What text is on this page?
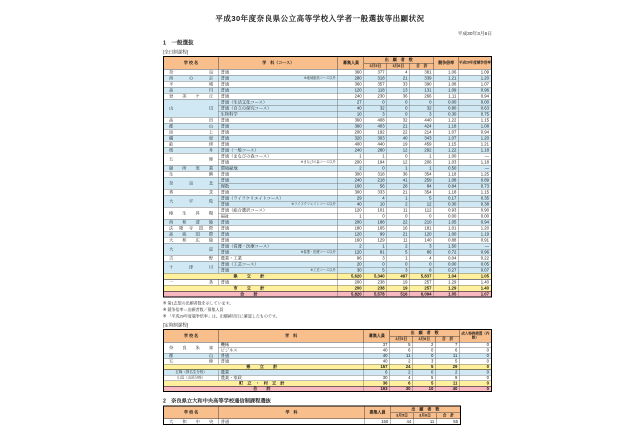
平成30年度奈良県公立高等学校入学者一般選抜等出願状況
平成30年3月6日
1　一般選抜
[全日制課程]
学 校 名	学　科（コース）	募集人員	出　願　者　数			競争倍率	平成29年度競争倍率
			3月5日	3月6日	合　計		
奈良	普通	360	377	4	381	1.06	1.09
西の京	※地域創造コース以外
普通	280	318	21	339	1.21	1.20
平城	普通	360	357	33	390	1.08	1.07
高円	普通	120	118	13	131	1.09	0.96
登美ケ丘	普通	240	230	36	266	1.11	0.94
山辺	普通（生活文化コース）	27	0	0	0	0.00	0.00
	普通（自立の探究コース）	40	32	0	32	0.80	0.63
	生物科学	10	3	0	3	0.30	0.75
高田	普通	360	408	32	440	1.22	1.15
郡山	普通	360	403	21	424	1.18	1.08
添上	普通	200	192	22	214	1.07	0.94
橿原	普通	320	303	40	343	1.07	1.20
畝傍	普通	400	440	19	459	1.15	1.21
桜井	普通（一般コース）	240	280	12	292	1.22	1.18
五條	普通（まなびの森コース）	1	1	0	1	1.00	―

	※まなびの森コース以外
普通	200	194	12	206	1.03	1.18
御所実業	環境緑地	2	0	1	1	0.50	―
生駒	普通	300	318	36	354	1.18	1.25
奈良北	普通	240	218	41	259	1.08	0.89
	理数	100	56	28	84	0.84	0.73
香芝	普通	300	333	21	354	1.18	1.15
大宇陀	普通（ライフクリエイトコース）	29	4	1	5	0.17	0.35

	※ライフクリエイトコース以外
普通	40	10	2	12	0.30	0.38
榛生昇陽	普通（総合選択コース）	120	101	11	112	0.93	0.90
	福祉	1	0	0	0	0.00	0.00
西和清陵	普通	200	188	22	210	1.05	0.94
法隆寺国際	普通	180	165	16	181	1.01	1.20
高取国際	普通	120	99	21	120	1.00	1.19
大和広陵	普通	160	129	11	140	0.88	0.91
大淀	普通（看護・医療コース）	2	1	2	3	1.50	―

	※看護・医療コース以外
普通	120	81	5	86	0.72	0.96
吉野	農業・工業	96	3	1	4	0.04	0.22
十津川	普通（工芸コース）	20	0	0	0	0.00	0.05

	※工芸コース以外
普通	30	5	3	8	0.27	0.07
県 立 計		5,620	5,340	497	5,837	1.04	1.05
一条	普通	200	238	19	257	1.29	1.40
市 立 計		200	238	19	257	1.29	1.40
合 計		5,820	5,578	516	6,094	1.05	1.07
※ 第1志望の出願者数を示しています。
※ 競争倍率＝出願者数／募集人員
※ 「平成29年度競争倍率」は、出願締切日に確認したものです。
[定時制課程]
学 校 名	学　科	募集人員	出　願　者　数			成人特例措置（内数）
			3月5日	3月6日	合　計	
奈良朱雀	機械	37	5	2	7	0
	ビジネス	40	6	0	6	0
郡山	普通	40	11	0	11	0
五條	普通	40	2	3	5	0
県 立 計		157	24	5	29	0
五條（賀名生分校）	農業	6	2	0	2	0
山辺（山添分校）	農業・家政	30	4	5	9	0
町立・村立計		36	6	5	11	0
合 計		193	30	10	40	0
2　奈良県立大和中央高等学校通信制課程選抜
学 校 名	学　科	募集人員	出　願　者　数		
			3月5日	3月6日	合　計
大和中央	普通	150	44	11	55
